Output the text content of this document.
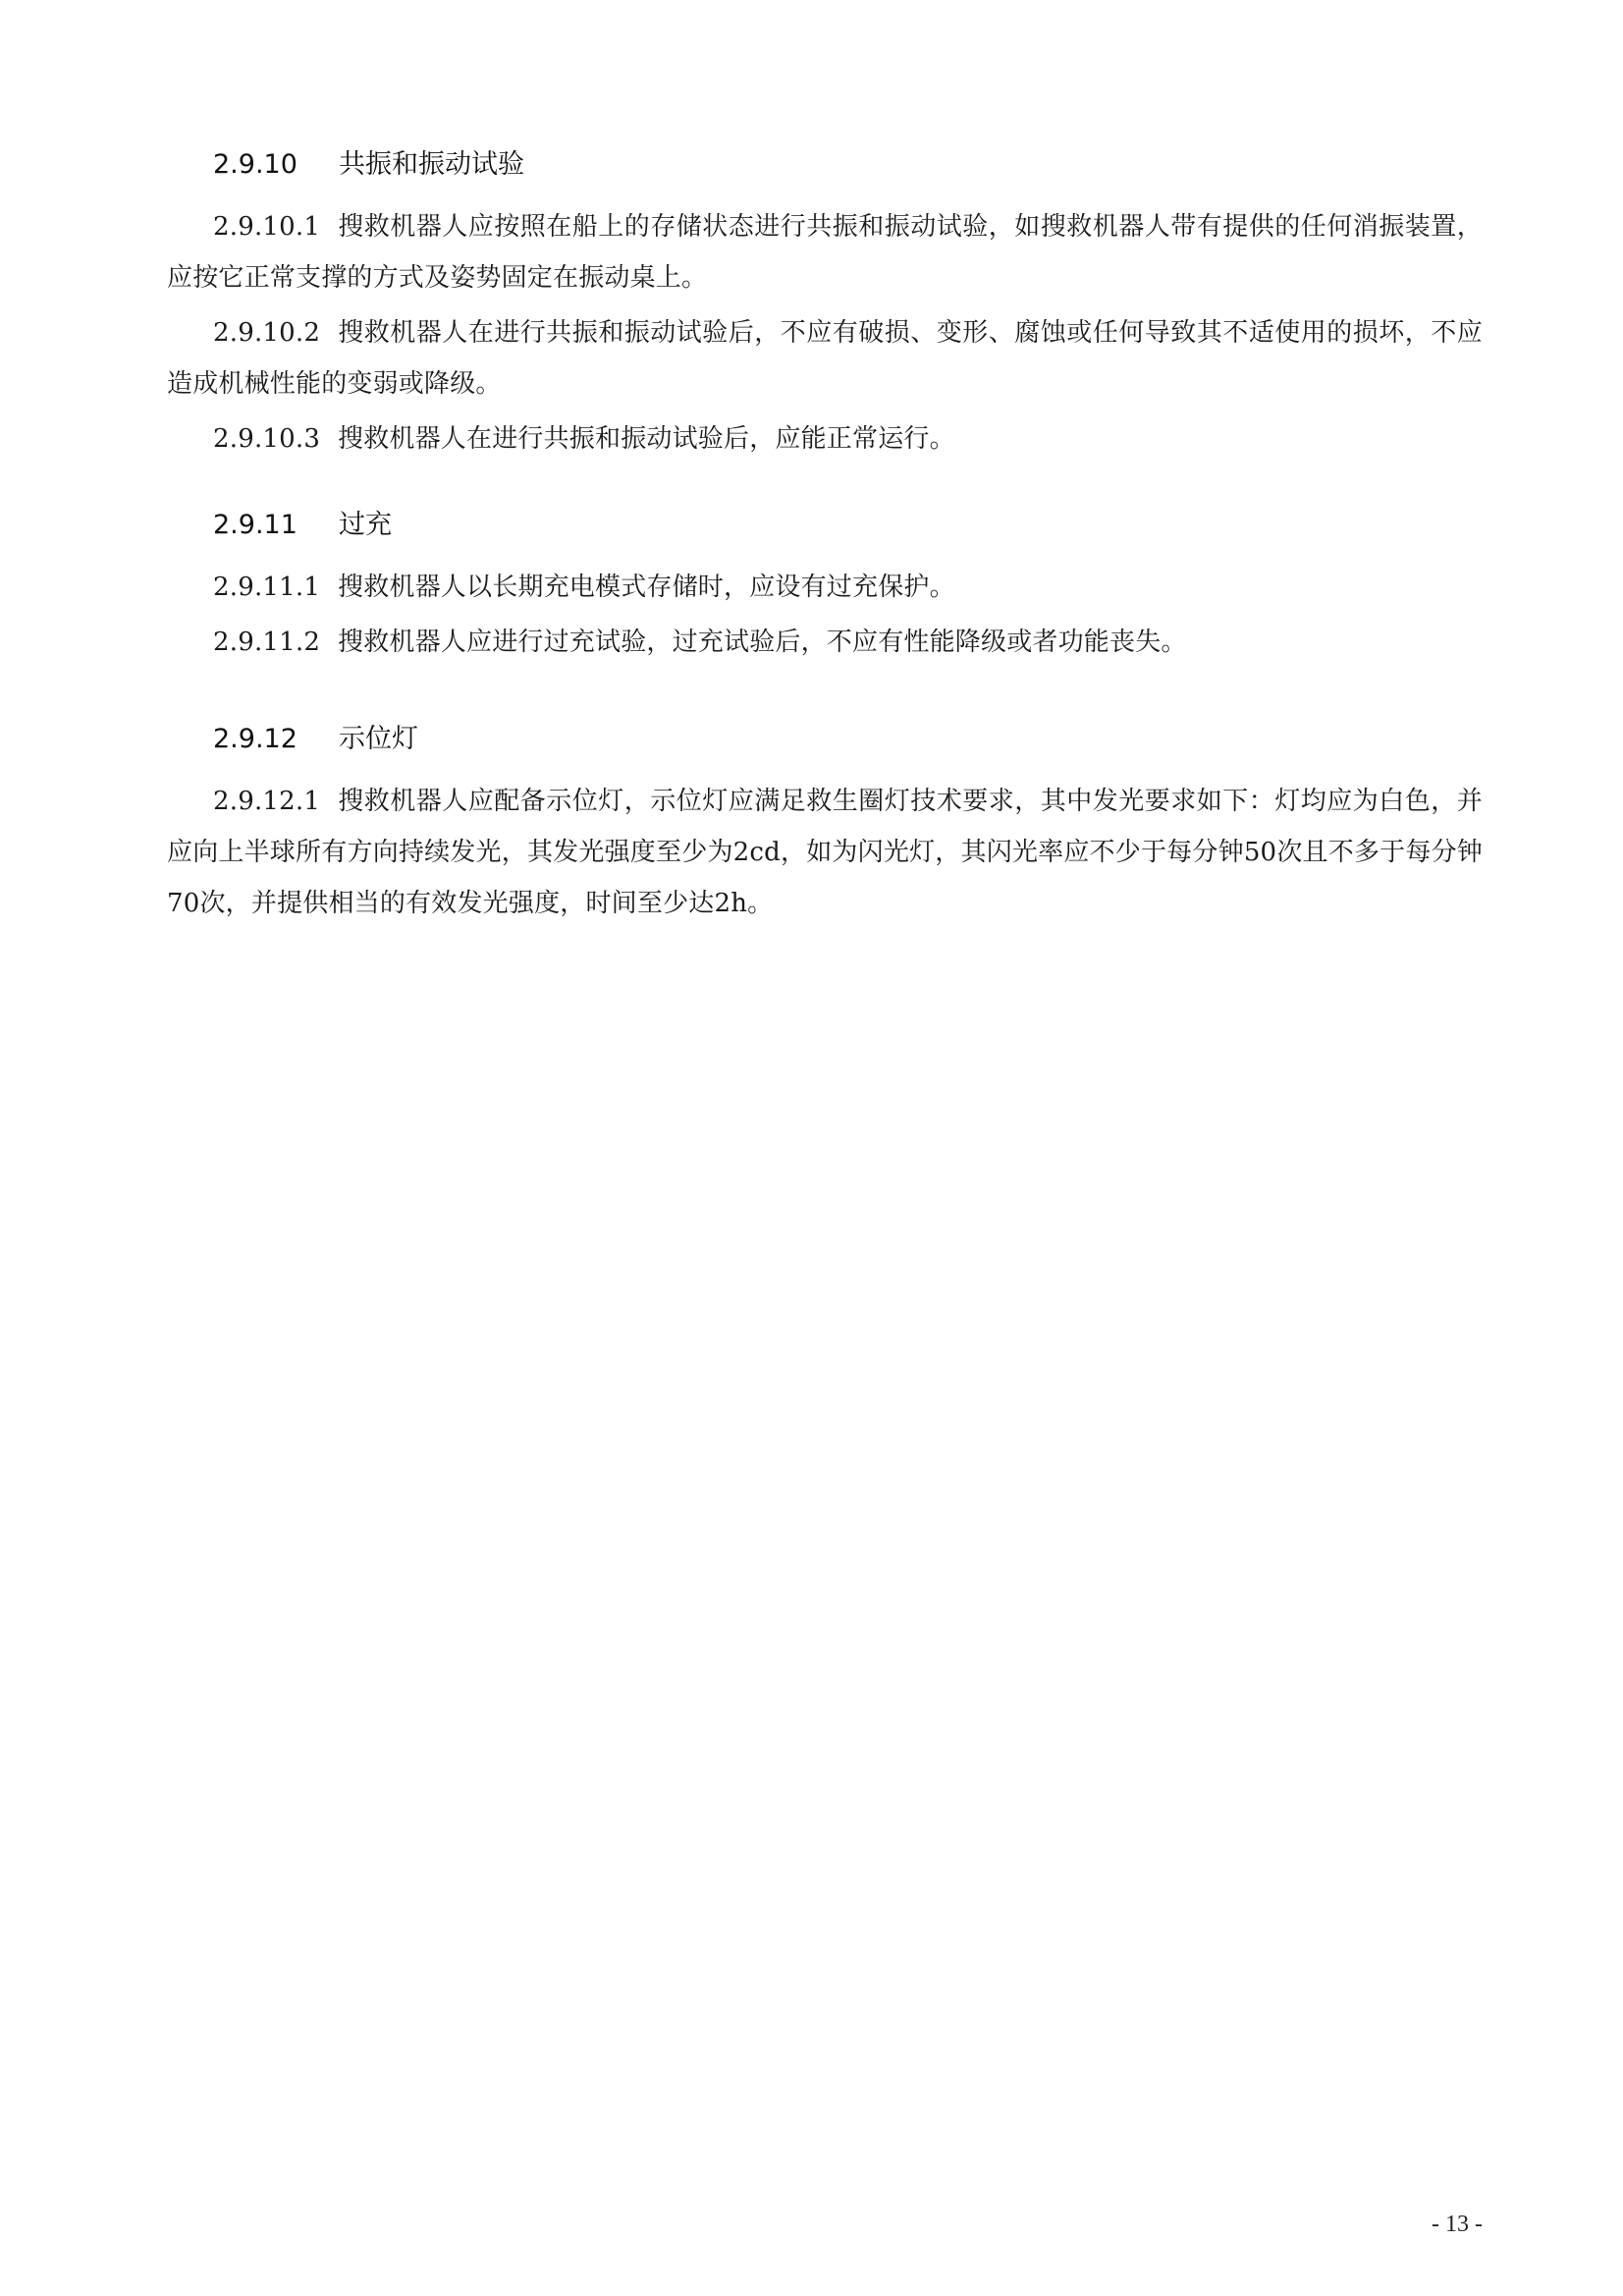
2.9.10	共振和振动试验

2.9.10.1 搜救机器人应按照在船上的存储状态进行共振和振动试验，如搜救机器人带有提供的任何消振装置，应按它正常支撑的方式及姿势固定在振动桌上。

2.9.10.2 搜救机器人在进行共振和振动试验后，不应有破损、变形、腐蚀或任何导致其不适使用的损坏，不应造成机械性能的变弱或降级。

2.9.10.3 搜救机器人在进行共振和振动试验后，应能正常运行。

2.9.11	过充

2.9.11.1 搜救机器人以长期充电模式存储时，应设有过充保护。

2.9.11.2 搜救机器人应进行过充试验，过充试验后，不应有性能降级或者功能丧失。

2.9.12	示位灯

2.9.12.1 搜救机器人应配备示位灯，示位灯应满足救生圈灯技术要求，其中发光要求如下：灯均应为白色，并应向上半球所有方向持续发光，其发光强度至少为2cd，如为闪光灯，其闪光率应不少于每分钟50次且不多于每分钟70次，并提供相当的有效发光强度，时间至少达2h。

- 13 -
